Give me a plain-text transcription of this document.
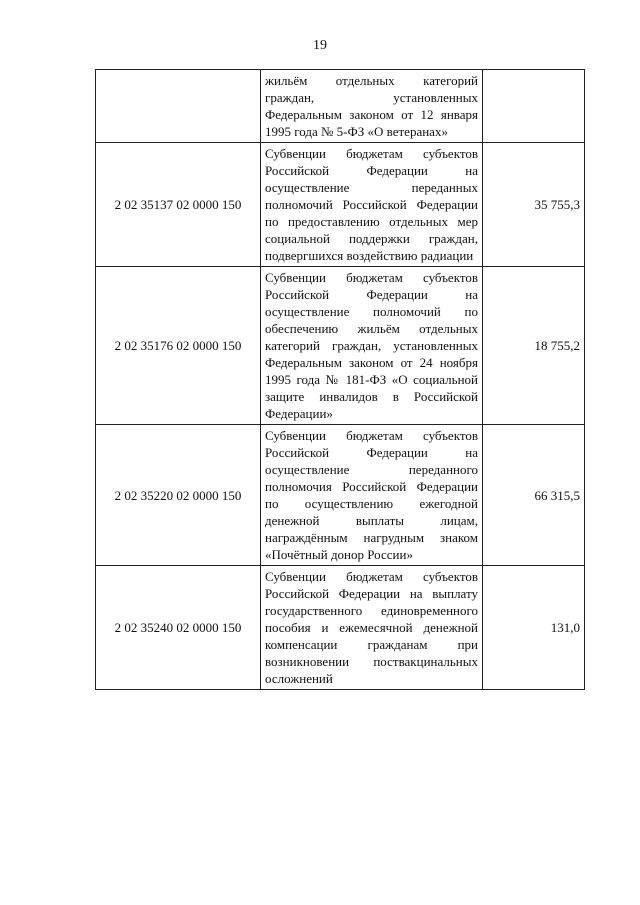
19
	жильём отдельных категорий граждан, установленных Федеральным законом от 12 января 1995 года № 5-ФЗ «О ветеранах»	
2 02 35137 02 0000 150	Субвенции бюджетам субъектов Российской Федерации на осуществление переданных полномочий Российской Федерации по предоставлению отдельных мер социальной поддержки граждан, подвергшихся воздействию радиации	35 755,3
2 02 35176 02 0000 150	Субвенции бюджетам субъектов Российской Федерации на осуществление полномочий по обеспечению жильём отдельных категорий граждан, установленных Федеральным законом от 24 ноября 1995 года № 181-ФЗ «О социальной защите инвалидов в Российской Федерации»	18 755,2
2 02 35220 02 0000 150	Субвенции бюджетам субъектов Российской Федерации на осуществление переданного полномочия Российской Федерации по осуществлению ежегодной денежной выплаты лицам, награждённым нагрудным знаком «Почётный донор России»	66 315,5
2 02 35240 02 0000 150	Субвенции бюджетам субъектов Российской Федерации на выплату государственного единовременного пособия и ежемесячной денежной компенсации гражданам при возникновении поствакцинальных осложнений	131,0
